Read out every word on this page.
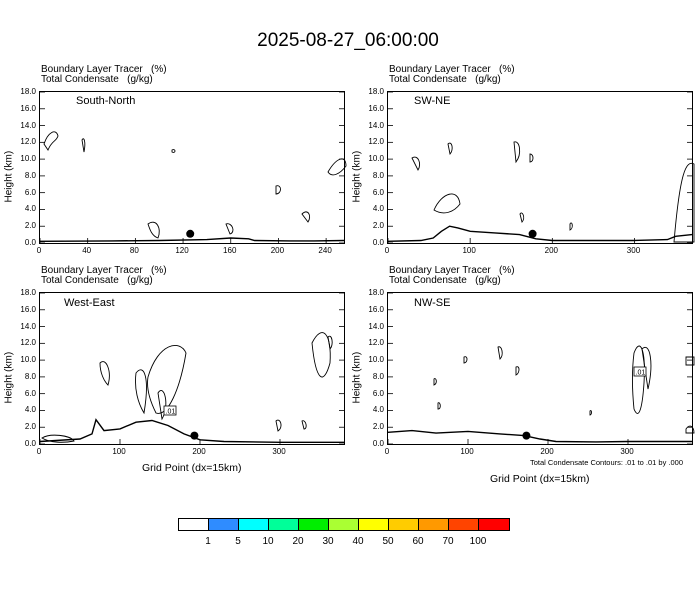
2025-08-27_06:00:00
Boundary Layer Tracer   (%)
Total Condensate   (g/kg)
South-North
Height (km)
Boundary Layer Tracer   (%)
Total Condensate   (g/kg)
SW-NE
Height (km)
Boundary Layer Tracer   (%)
Total Condensate   (g/kg)
.01
West-East
Height (km)
Grid Point (dx=15km)
Boundary Layer Tracer   (%)
Total Condensate   (g/kg)
.01
NW-SE
Height (km)
Total Condensate Contours: .01 to .01 by .000
Grid Point (dx=15km)
1	5	10	20	30	40	50	60	70	100
0.0
2.0
4.0
6.0
8.0
10.0
12.0
14.0
16.0
18.0
0	40	80	120	160	200	240
0.0
2.0
4.0
6.0
8.0
10.0
12.0
14.0
16.0
18.0
0	100	200	300
0.0
2.0
4.0
6.0
8.0
10.0
12.0
14.0
16.0
18.0
0	100	200	300
0.0
2.0
4.0
6.0
8.0
10.0
12.0
14.0
16.0
18.0
0	100	200	300
